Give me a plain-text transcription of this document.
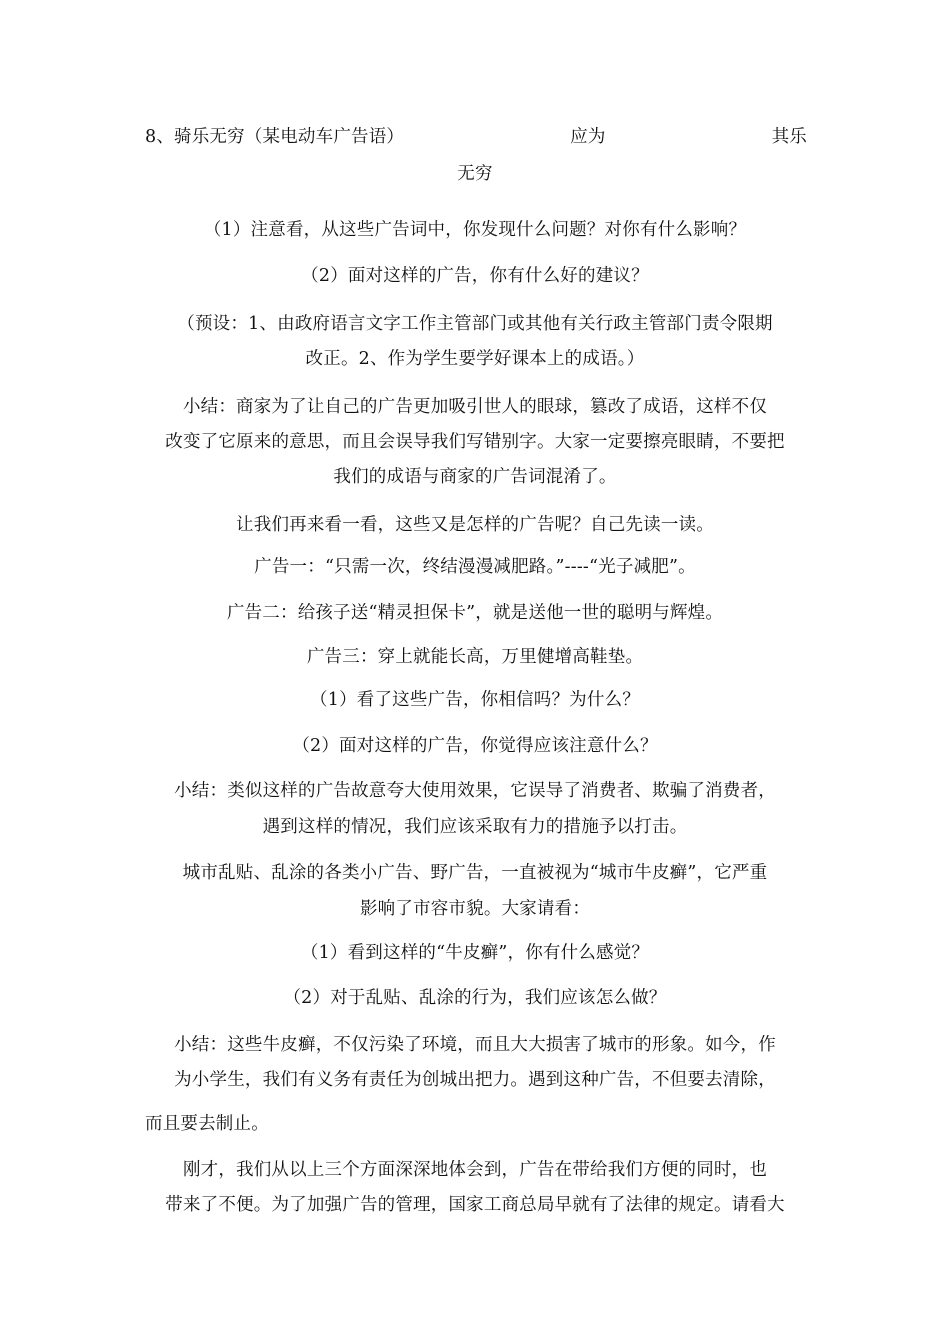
8、骑乐无穷（某电动车广告语）	应为	其乐
无穷
（1）注意看，从这些广告词中，你发现什么问题？对你有什么影响？
（2）面对这样的广告，你有什么好的建议？
（预设：1、由政府语言文字工作主管部门或其他有关行政主管部门责令限期
改正。2、作为学生要学好课本上的成语。）
小结：商家为了让自己的广告更加吸引世人的眼球，篡改了成语，这样不仅
改变了它原来的意思，而且会误导我们写错别字。大家一定要擦亮眼睛，不要把
我们的成语与商家的广告词混淆了。
让我们再来看一看，这些又是怎样的广告呢？自己先读一读。
广告一：“只需一次，终结漫漫减肥路。”----“光子减肥”。
广告二：给孩子送“精灵担保卡”，就是送他一世的聪明与辉煌。
广告三：穿上就能长高，万里健增高鞋垫。
（1）看了这些广告，你相信吗？为什么？
（2）面对这样的广告，你觉得应该注意什么？
小结：类似这样的广告故意夸大使用效果，它误导了消费者、欺骗了消费者，
遇到这样的情况，我们应该采取有力的措施予以打击。
城市乱贴、乱涂的各类小广告、野广告，一直被视为“城市牛皮癣”，它严重
影响了市容市貌。大家请看：
（1）看到这样的“牛皮癣”，你有什么感觉？
（2）对于乱贴、乱涂的行为，我们应该怎么做？
小结：这些牛皮癣，不仅污染了环境，而且大大损害了城市的形象。如今，作
为小学生，我们有义务有责任为创城出把力。遇到这种广告，不但要去清除，
而且要去制止。
刚才，我们从以上三个方面深深地体会到，广告在带给我们方便的同时，也
带来了不便。为了加强广告的管理，国家工商总局早就有了法律的规定。请看大
